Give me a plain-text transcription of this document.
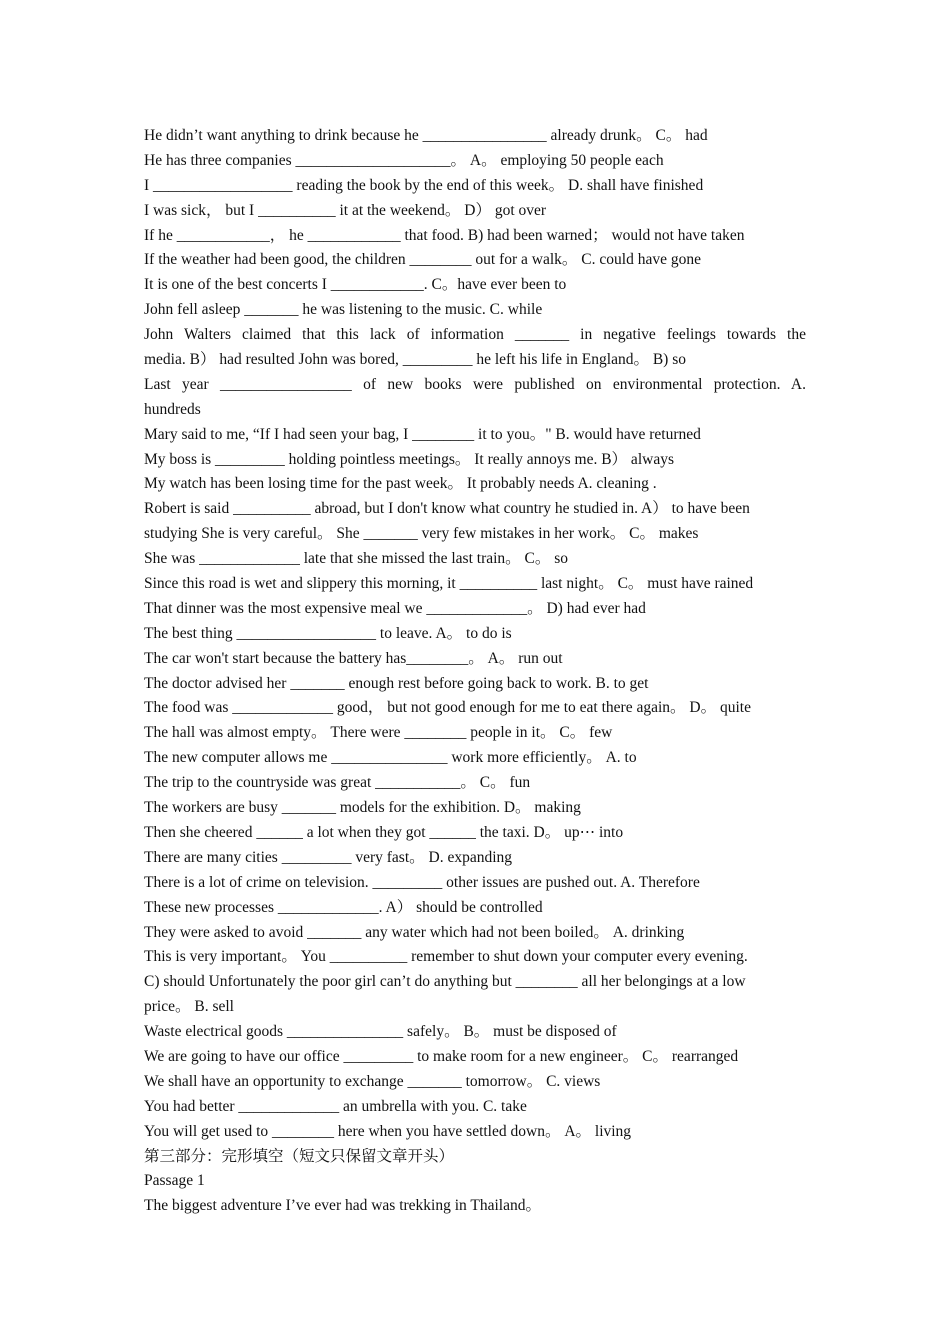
He didn’t want anything to drink because he ________________ already drunk。 C。 had
He has three companies ____________________。 A。 employing 50 people each
I __________________ reading the book by the end of this week。 D. shall have finished
I was sick， but I __________ it at the weekend。 D） got over
If he ____________， he ____________ that food. B) had been warned； would not have taken
If the weather had been good, the children ________ out for a walk。 C. could have gone
It is one of the best concerts I ____________. C。have ever been to
John fell asleep _______ he was listening to the music. C. while
John Walters claimed that this lack of information _______ in negative feelings towards the
media. B） had resulted John was bored, _________ he left his life in England。 B) so
Last year _________________ of new books were published on environmental protection. A.
hundreds
Mary said to me, “If I had seen your bag, I ________ it to you。" B. would have returned
My boss is _________ holding pointless meetings。 It really annoys me. B） always
My watch has been losing time for the past week。 It probably needs A. cleaning .
Robert is said __________ abroad, but I don't know what country he studied in. A） to have been
studying She is very careful。 She _______ very few mistakes in her work。 C。 makes
She was _____________ late that she missed the last train。 C。 so
Since this road is wet and slippery this morning, it __________ last night。 C。 must have rained
That dinner was the most expensive meal we _____________。 D) had ever had
The best thing __________________ to leave. A。 to do is
The car won't start because the battery has________。 A。 run out
The doctor advised her _______ enough rest before going back to work. B. to get
The food was _____________ good， but not good enough for me to eat there again。 D。 quite
The hall was almost empty。 There were ________ people in it。 C。 few
The new computer allows me _______________ work more efficiently。 A. to
The trip to the countryside was great ___________。 C。 fun
The workers are busy _______ models for the exhibition. D。 making
Then she cheered ______ a lot when they got ______ the taxi. D。 up⋯ into
There are many cities _________ very fast。 D. expanding
There is a lot of crime on television. _________ other issues are pushed out. A. Therefore
These new processes _____________. A） should be controlled
They were asked to avoid _______ any water which had not been boiled。 A. drinking
This is very important。 You __________ remember to shut down your computer every evening.
C) should Unfortunately the poor girl can’t do anything but ________ all her belongings at a low
price。 B. sell
Waste electrical goods _______________ safely。 B。 must be disposed of
We are going to have our office _________ to make room for a new engineer。 C。 rearranged
We shall have an opportunity to exchange _______ tomorrow。 C. views
You had better _____________ an umbrella with you. C. take
You will get used to ________ here when you have settled down。 A。 living
第三部分：完形填空（短文只保留文章开头）
Passage 1
The biggest adventure I’ve ever had was trekking in Thailand。
